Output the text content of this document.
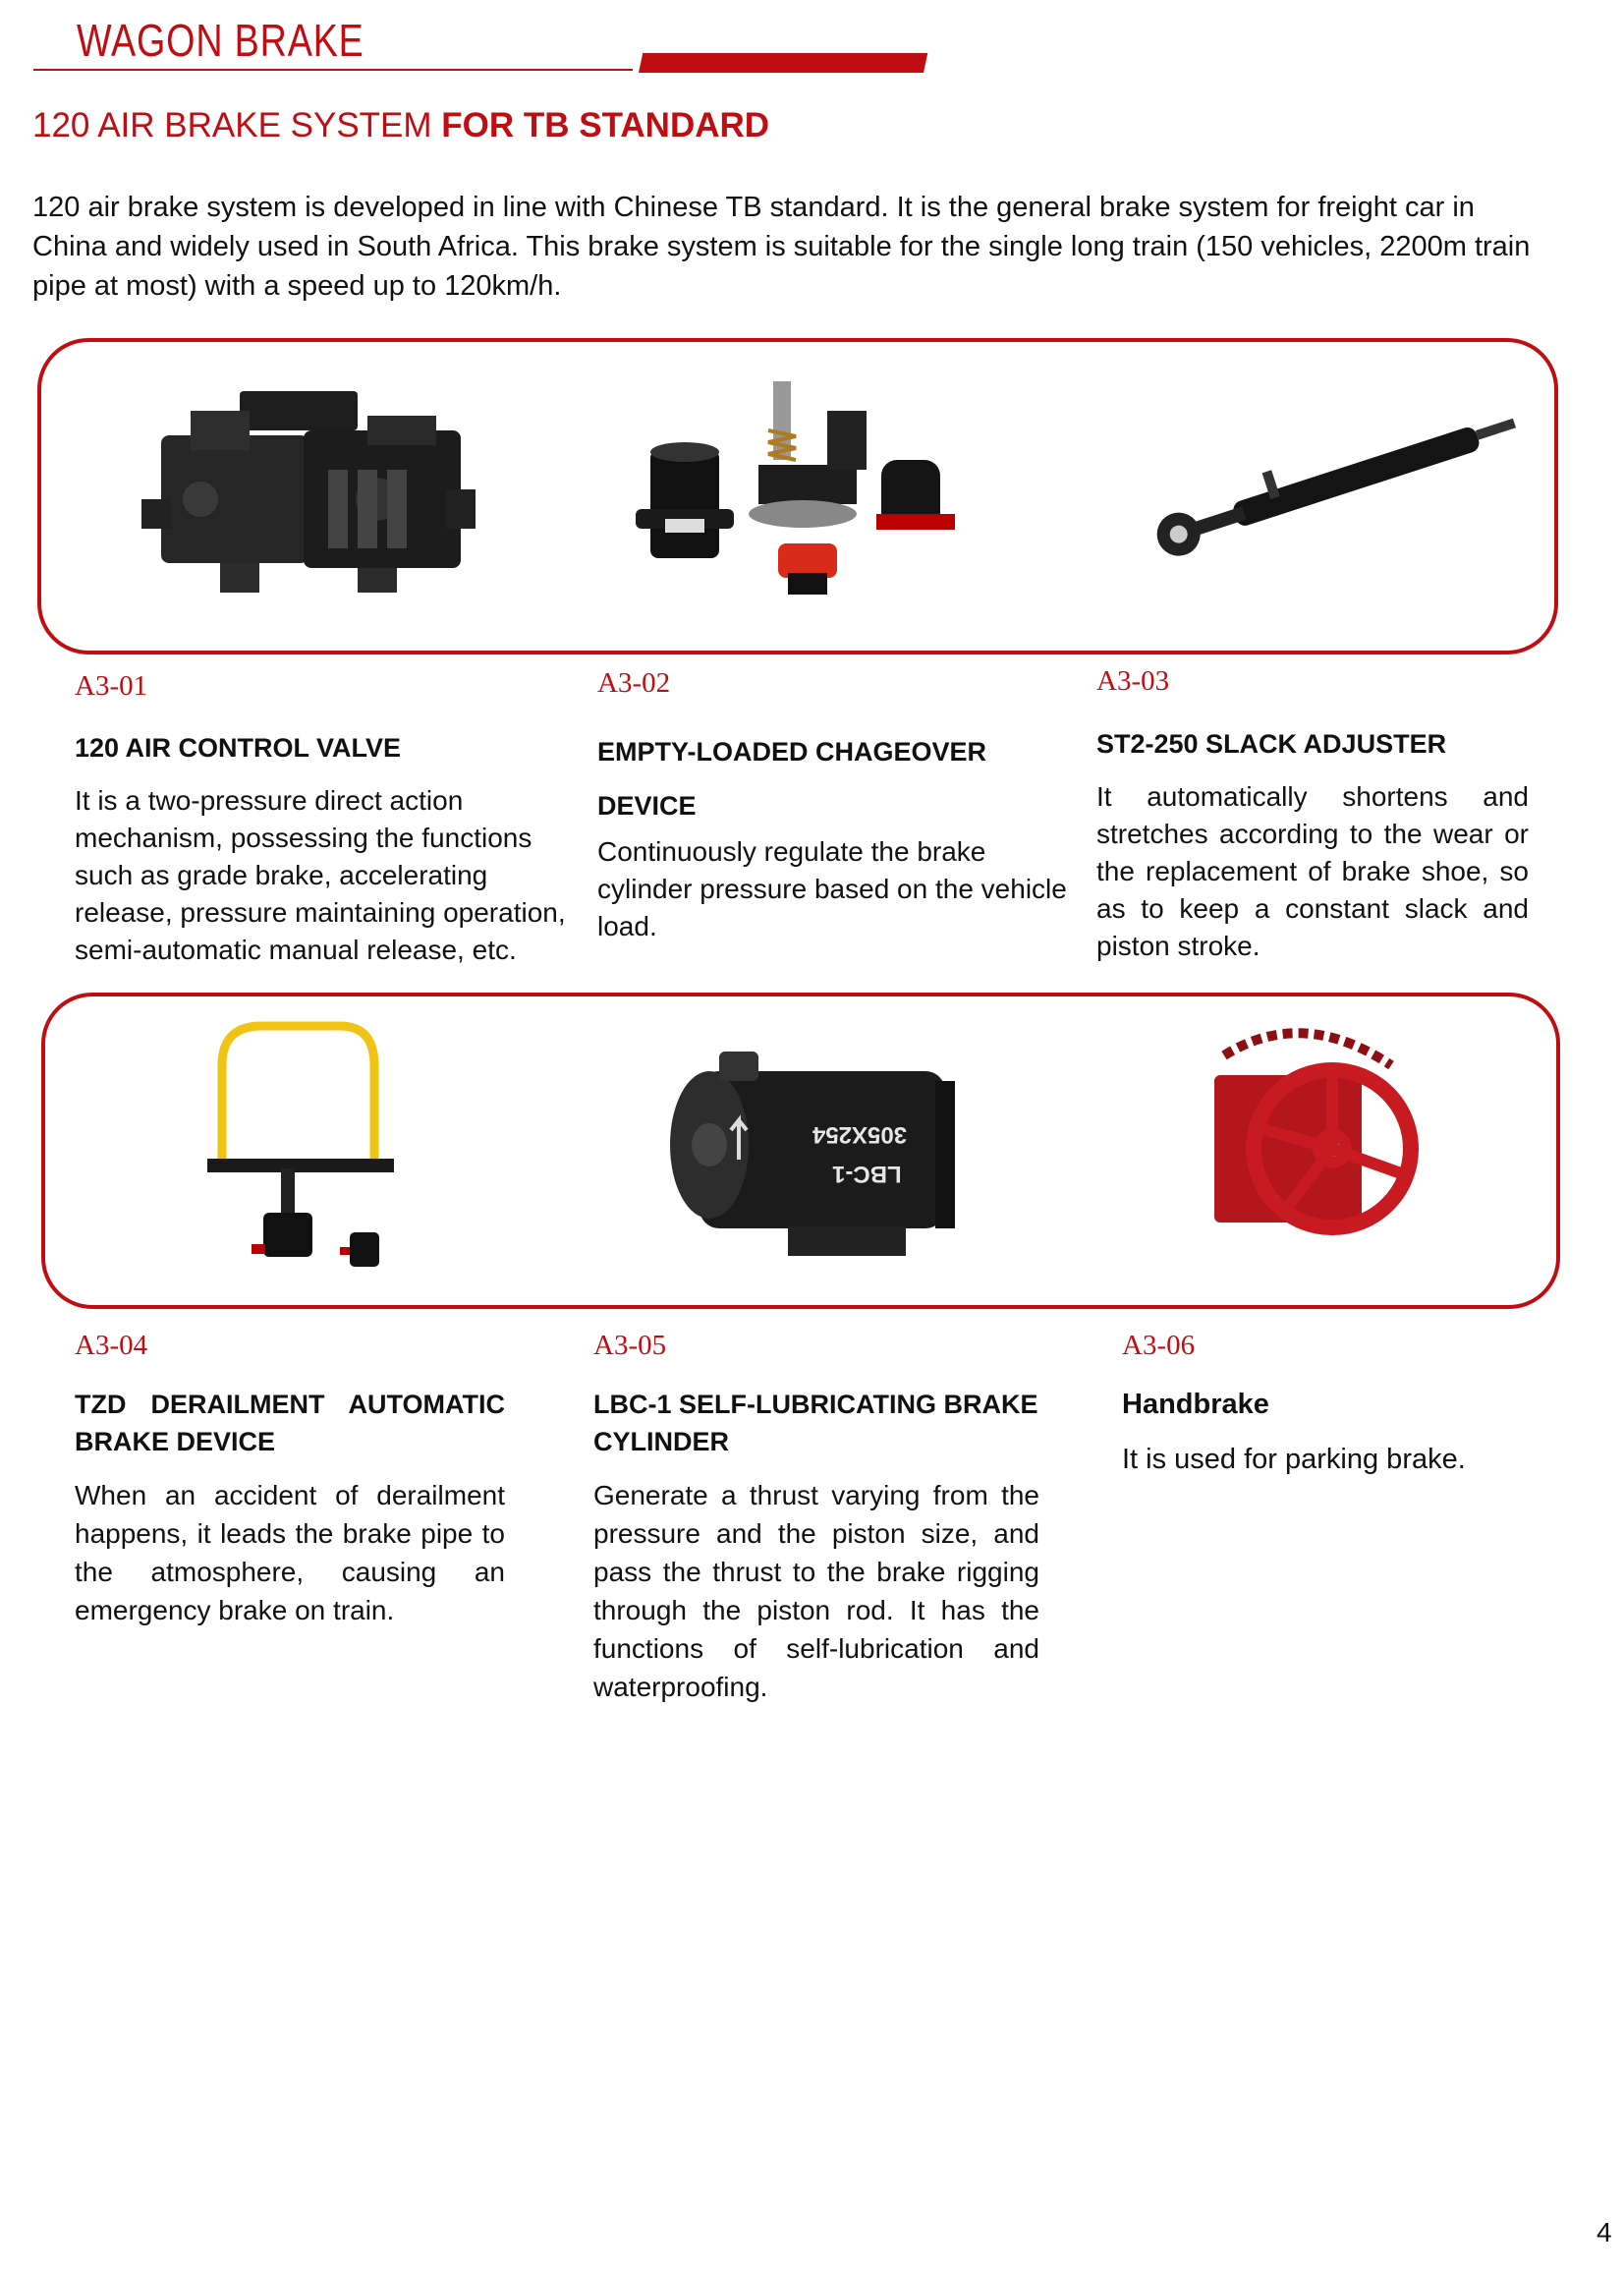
WAGON BRAKE
120 AIR BRAKE SYSTEM FOR TB STANDARD
120 air brake system is developed in line with Chinese TB standard. It is the general brake system for freight car in China and widely used in South Africa. This brake system is suitable for the single long train (150 vehicles, 2200m train pipe at most) with a speed up to 120km/h.
305X254
LBC-1
A3-01
120 AIR CONTROL VALVE
It is a two-pressure direct action mechanism, possessing the functions such as grade brake, accelerating release, pressure maintaining operation, semi-automatic manual release, etc.
A3-02
EMPTY-LOADED CHAGEOVER DEVICE
Continuously regulate the brake cylinder pressure based on the vehicle load.
A3-03
ST2-250 SLACK ADJUSTER
It automatically shortens and stretches according to the wear or the replacement of brake shoe, so as to keep a constant slack and piston stroke.
A3-04
TZD DERAILMENT AUTOMATIC BRAKE DEVICE
When an accident of derailment happens, it leads the brake pipe to the atmosphere, causing an emergency brake on train.
A3-05
LBC-1 SELF-LUBRICATING BRAKE CYLINDER
Generate a thrust varying from the pressure and the piston size, and pass the thrust to the brake rigging through the piston rod. It has the functions of self-lubrication and waterproofing.
A3-06
Handbrake
It is used for parking brake.
4
